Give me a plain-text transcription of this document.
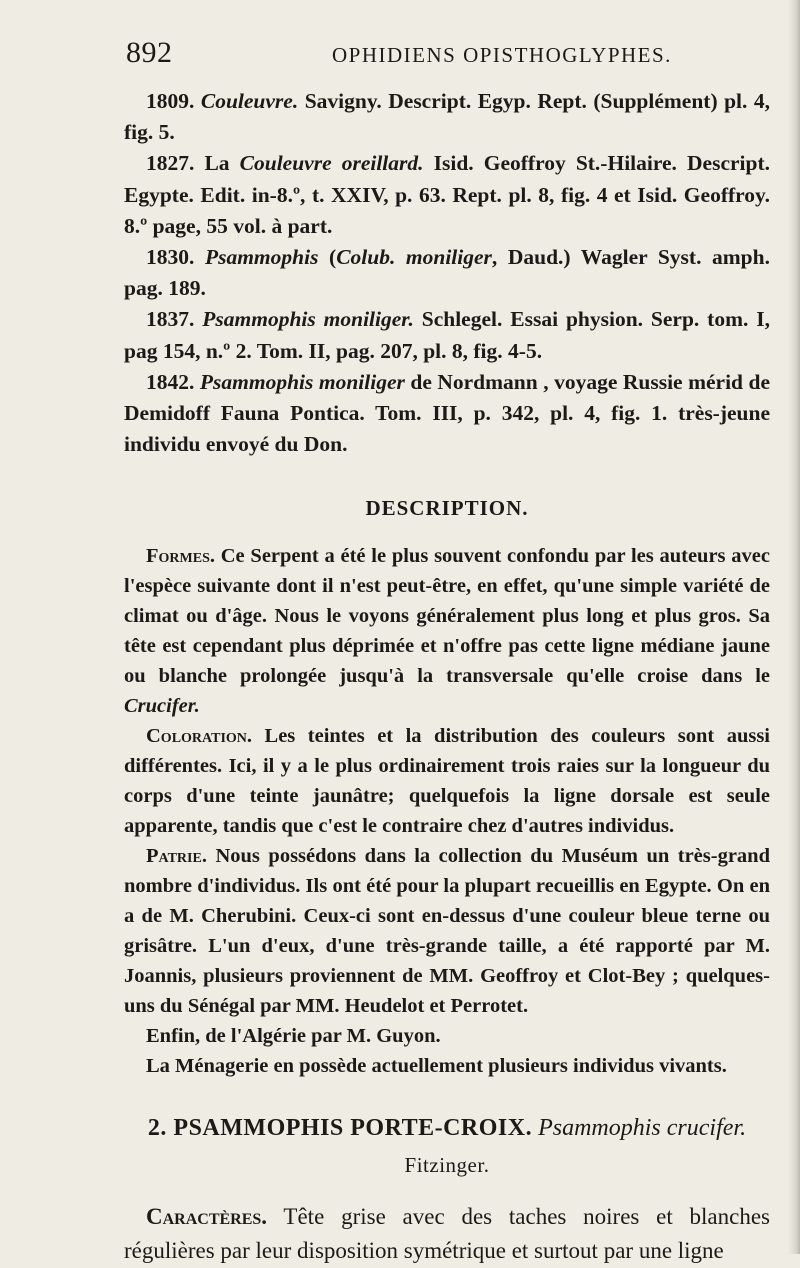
892	OPHIDIENS OPISTHOGLYPHES.

1809. Couleuvre. Savigny. Descript. Egyp. Rept. (Supplément) pl. 4, fig. 5.

1827. La Couleuvre oreillard. Isid. Geoffroy St.-Hilaire. Descript. Egypte. Edit. in-8.º, t. XXIV, p. 63. Rept. pl. 8, fig. 4 et Isid. Geoffroy. 8.º page, 55 vol. à part.

1830. Psammophis (Colub. moniliger, Daud.) Wagler Syst. amph. pag. 189.

1837. Psammophis moniliger. Schlegel. Essai physion. Serp. tom. I, pag 154, n.º 2. Tom. II, pag. 207, pl. 8, fig. 4-5.

1842. Psammophis moniliger de Nordmann , voyage Russie mérid de Demidoff Fauna Pontica. Tom. III, p. 342, pl. 4, fig. 1. très-jeune individu envoyé du Don.

DESCRIPTION.

Formes. Ce Serpent a été le plus souvent confondu par les auteurs avec l'espèce suivante dont il n'est peut-être, en effet, qu'une simple variété de climat ou d'âge. Nous le voyons généralement plus long et plus gros. Sa tête est cependant plus déprimée et n'offre pas cette ligne médiane jaune ou blanche prolongée jusqu'à la transversale qu'elle croise dans le Crucifer.

Coloration. Les teintes et la distribution des couleurs sont aussi différentes. Ici, il y a le plus ordinairement trois raies sur la longueur du corps d'une teinte jaunâtre; quelquefois la ligne dorsale est seule apparente, tandis que c'est le contraire chez d'autres individus.

Patrie. Nous possédons dans la collection du Muséum un très-grand nombre d'individus. Ils ont été pour la plupart recueillis en Egypte. On en a de M. Cherubini. Ceux-ci sont en-dessus d'une couleur bleue terne ou grisâtre. L'un d'eux, d'une très-grande taille, a été rapporté par M. Joannis, plusieurs proviennent de MM. Geoffroy et Clot-Bey ; quelques-uns du Sénégal par MM. Heudelot et Perrotet.

Enfin, de l'Algérie par M. Guyon.

La Ménagerie en possède actuellement plusieurs individus vivants.

2. PSAMMOPHIS PORTE-CROIX. Psammophis crucifer.
Fitzinger.

Caractères. Tête grise avec des taches noires et blanches régulières par leur disposition symétrique et surtout par une ligne
